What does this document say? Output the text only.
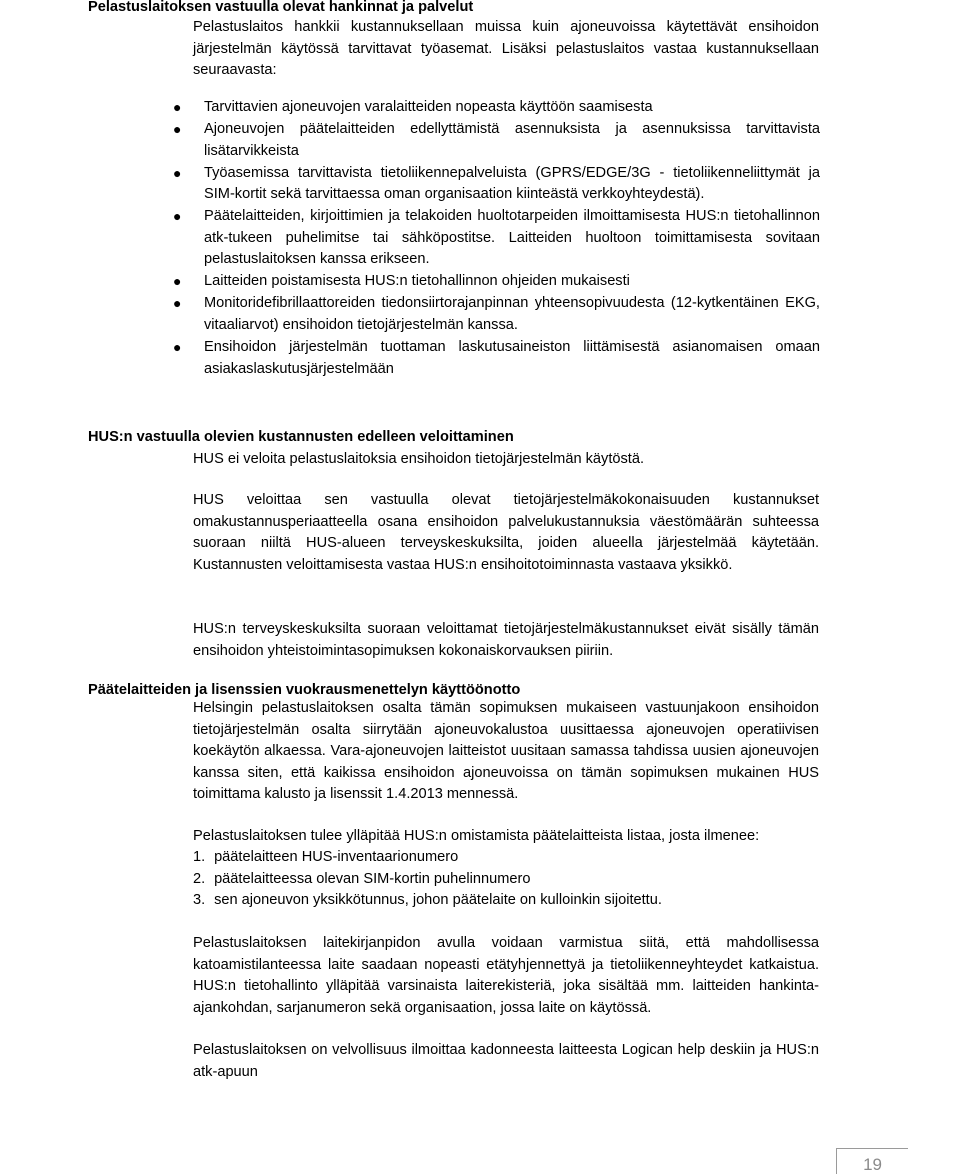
Pelastuslaitoksen vastuulla olevat hankinnat ja palvelut

Pelastuslaitos hankkii kustannuksellaan muissa kuin ajoneuvoissa käytettävät ensihoidon järjestelmän käytössä tarvittavat työasemat. Lisäksi pelastuslaitos vastaa kustannuksellaan seuraavasta:

● Tarvittavien ajoneuvojen varalaitteiden nopeasta käyttöön saamisesta
● Ajoneuvojen päätelaitteiden edellyttämistä asennuksista ja asennuksissa tarvittavista lisätarvikkeista
● Työasemissa tarvittavista tietoliikennepalveluista (GPRS/EDGE/3G - tietoliikenneliittymät ja SIM-kortit sekä tarvittaessa oman organisaation kiinteästä verkkoyhteydestä).
● Päätelaitteiden, kirjoittimien ja telakoiden huoltotarpeiden ilmoittamisesta HUS:n tietohallinnon atk-tukeen puhelimitse tai sähköpostitse. Laitteiden huoltoon toimittamisesta sovitaan pelastuslaitoksen kanssa erikseen.
● Laitteiden poistamisesta HUS:n tietohallinnon ohjeiden mukaisesti
● Monitoridefibrillaattoreiden tiedonsiirtorajanpinnan yhteensopivuudesta (12-kytkentäinen EKG, vitaaliarvot) ensihoidon tietojärjestelmän kanssa.
● Ensihoidon järjestelmän tuottaman laskutusaineiston liittämisestä asianomaisen omaan asiakaslaskutusjärjestelmään
HUS:n vastuulla olevien kustannusten edelleen veloittaminen

HUS ei veloita pelastuslaitoksia ensihoidon tietojärjestelmän käytöstä.

HUS veloittaa sen vastuulla olevat tietojärjestelmäkokonaisuuden kustannukset omakustannusperiaatteella osana ensihoidon palvelukustannuksia väestömäärän suhteessa suoraan niiltä HUS-alueen terveyskeskuksilta, joiden alueella järjestelmää käytetään. Kustannusten veloittamisesta vastaa HUS:n ensihoitotoiminnasta vastaava yksikkö.

HUS:n terveyskeskuksilta suoraan veloittamat tietojärjestelmäkustannukset eivät sisälly tämän ensihoidon yhteistoimintasopimuksen kokonaiskorvauksen piiriin.

Päätelaitteiden ja lisenssien vuokrausmenettelyn käyttöönotto

Helsingin pelastuslaitoksen osalta tämän sopimuksen mukaiseen vastuunjakoon ensihoidon tietojärjestelmän osalta siirrytään ajoneuvokalustoa uusittaessa ajoneuvojen operatiivisen koekäytön alkaessa. Vara-ajoneuvojen laitteistot uusitaan samassa tahdissa uusien ajoneuvojen kanssa siten, että kaikissa ensihoidon ajoneuvoissa on tämän sopimuksen mukainen HUS toimittama kalusto ja lisenssit 1.4.2013 mennessä.

Pelastuslaitoksen tulee ylläpitää HUS:n omistamista päätelaitteista listaa, josta ilmenee:

1. päätelaitteen HUS-inventaarionumero
2. päätelaitteessa olevan SIM-kortin puhelinnumero
3. sen ajoneuvon yksikkötunnus, johon päätelaite on kulloinkin sijoitettu.

Pelastuslaitoksen laitekirjanpidon avulla voidaan varmistua siitä, että mahdollisessa katoamistilanteessa laite saadaan nopeasti etätyhjennettyä ja tietoliikenneyhteydet katkaistua. HUS:n tietohallinto ylläpitää varsinaista laiterekisteriä, joka sisältää mm. laitteiden hankinta-ajankohdan, sarjanumeron sekä organisaation, jossa laite on käytössä.

Pelastuslaitoksen on velvollisuus ilmoittaa kadonneesta laitteesta Logican help deskiin ja HUS:n atk-apuun

19
